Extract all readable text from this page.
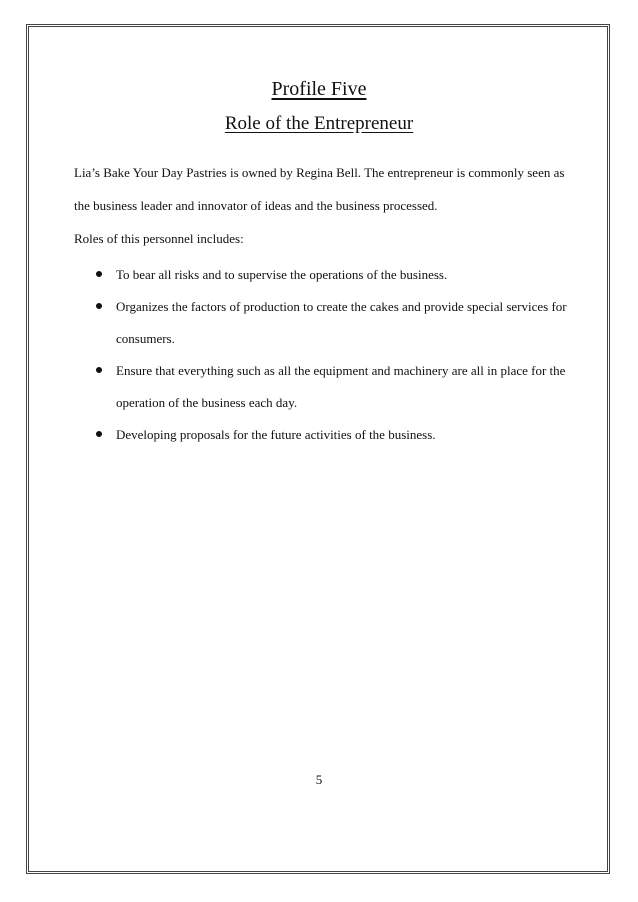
Profile Five
Role of the Entrepreneur

Lia’s Bake Your Day Pastries is owned by Regina Bell. The entrepreneur is commonly seen as the business leader and innovator of ideas and the business processed.

Roles of this personnel includes:

To bear all risks and to supervise the operations of the business.
Organizes the factors of production to create the cakes and provide special services for consumers.
Ensure that everything such as all the equipment and machinery are all in place for the operation of the business each day.
Developing proposals for the future activities of the business.
5
